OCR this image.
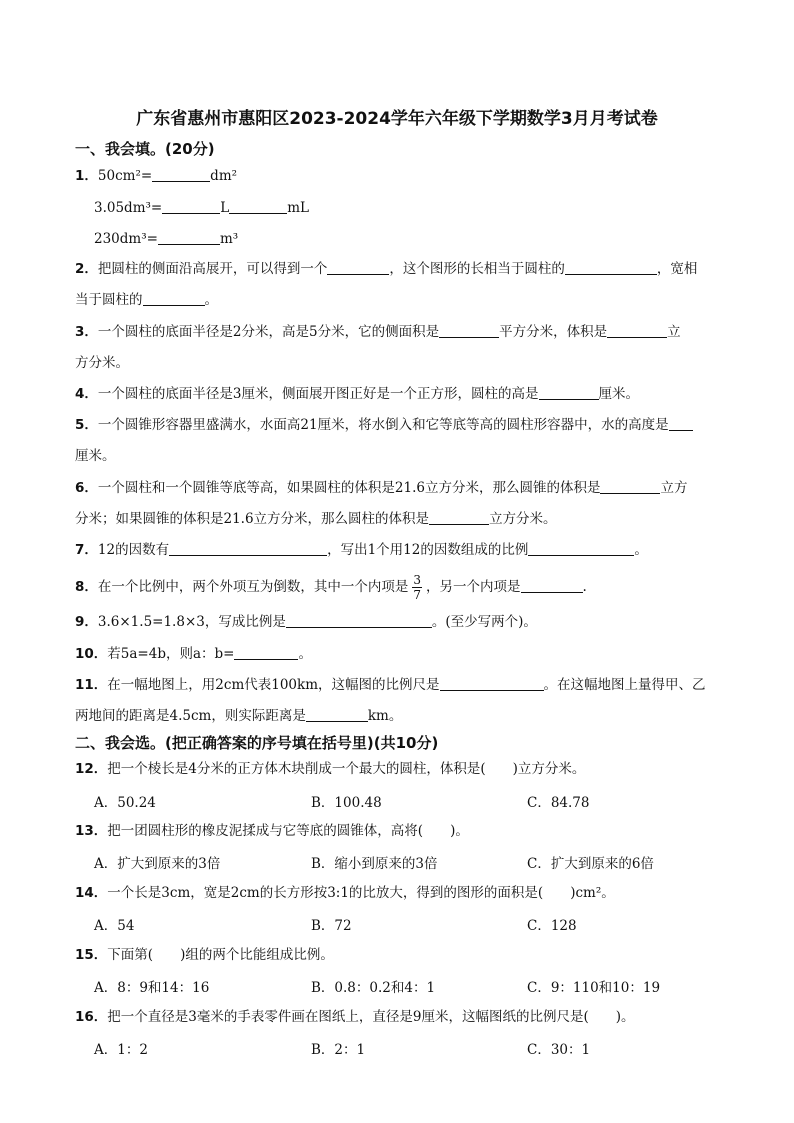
广东省惠州市惠阳区2023-2024学年六年级下学期数学3月月考试卷
一、我会填。(20分)
1．50cm²=	dm²
3.05dm³=	L	mL
230dm³=	m³
2．把圆柱的侧面沿高展开，可以得到一个	，这个图形的长相当于圆柱的	，宽相
当于圆柱的	。
3．一个圆柱的底面半径是2分米，高是5分米，它的侧面积是	平方分米，体积是	立
方分米。
4．一个圆柱的底面半径是3厘米，侧面展开图正好是一个正方形，圆柱的高是	厘米。
5．一个圆锥形容器里盛满水，水面高21厘米，将水倒入和它等底等高的圆柱形容器中，水的高度是
厘米。
6．一个圆柱和一个圆锥等底等高，如果圆柱的体积是21.6立方分米，那么圆锥的体积是	立方
分米；如果圆锥的体积是21.6立方分米，那么圆柱的体积是	立方分米。
7．12的因数有	，写出1个用12的因数组成的比例	。
8．在一个比例中，两个外项互为倒数，其中一个内项是 $\frac{3}{7}$ ，另一个内项是	.
9．3.6×1.5=1.8×3，写成比例是	。(至少写两个)。
10．若5a=4b，则a：b=	。
11．在一幅地图上，用2cm代表100km，这幅图的比例尺是	。在这幅地图上量得甲、乙
两地间的距离是4.5cm，则实际距离是	km。
二、我会选。(把正确答案的序号填在括号里)(共10分)
12．把一个棱长是4分米的正方体木块削成一个最大的圆柱，体积是(　　)立方分米。
A．50.24	B．100.48	C．84.78
13．把一团圆柱形的橡皮泥揉成与它等底的圆锥体，高将(　　)。
A．扩大到原来的3倍	B．缩小到原来的3倍	C．扩大到原来的6倍
14．一个长是3cm，宽是2cm的长方形按3:1的比放大，得到的图形的面积是(　　)cm²。
A．54	B．72	C．128
15．下面第(　　)组的两个比能组成比例。
A．8：9和14：16	B．0.8：0.2和4：1	C．9：110和10：19
16．把一个直径是3毫米的手表零件画在图纸上，直径是9厘米，这幅图纸的比例尺是(　　)。
A．1：2	B．2：1	C．30：1
